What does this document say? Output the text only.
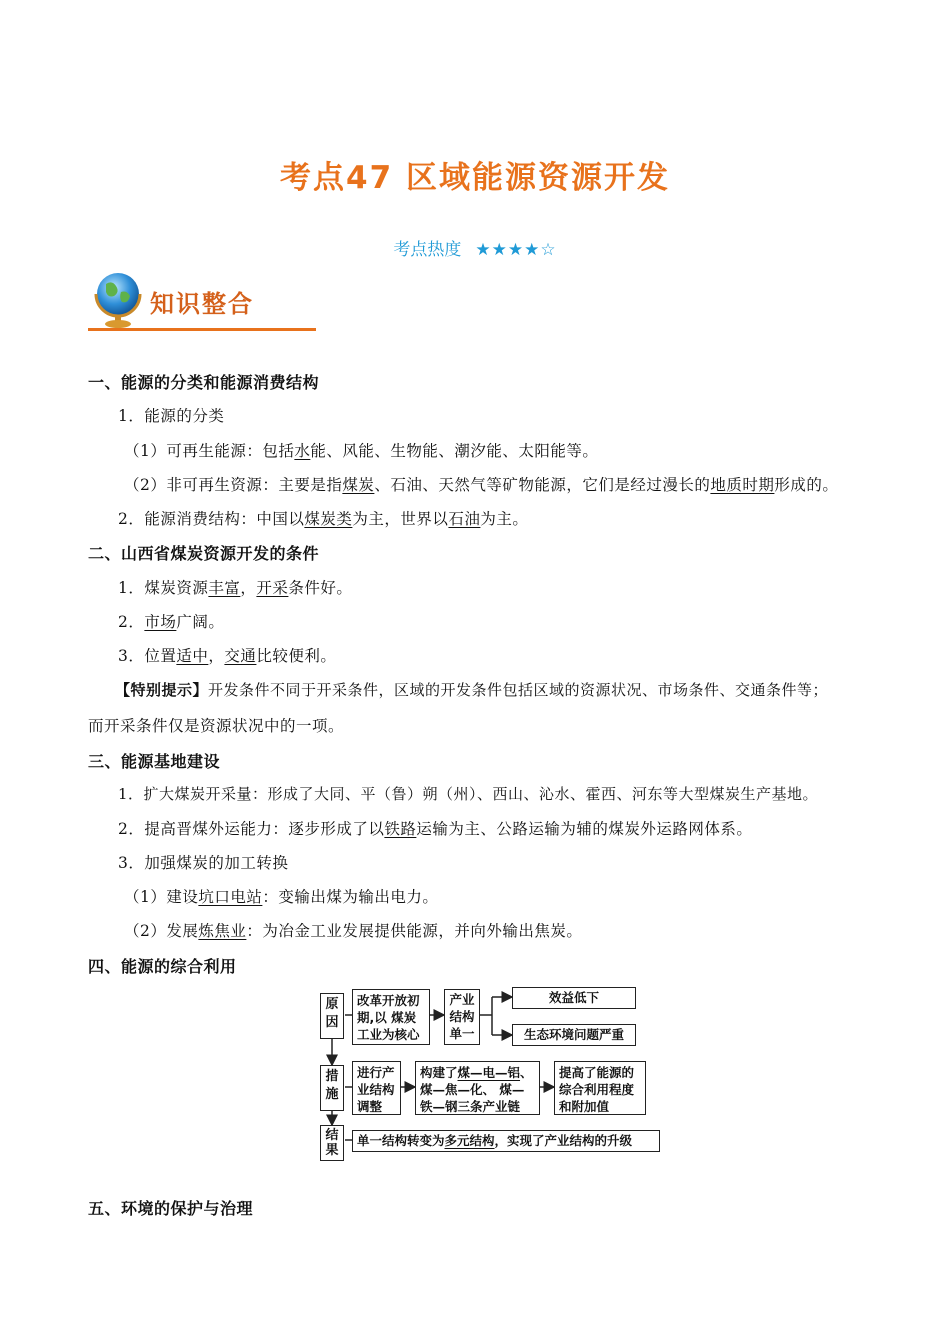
考点47 区域能源资源开发
考点热度 ★★★★☆
知识整合
一、能源的分类和能源消费结构
1．能源的分类
（1）可再生能源：包括水能、风能、生物能、潮汐能、太阳能等。
（2）非可再生资源：主要是指煤炭、石油、天然气等矿物能源，它们是经过漫长的地质时期形成的。
2．能源消费结构：中国以煤炭类为主，世界以石油为主。
二、山西省煤炭资源开发的条件
1．煤炭资源丰富，开采条件好。
2．市场广阔。
3．位置适中，交通比较便利。
【特别提示】开发条件不同于开采条件，区域的开发条件包括区域的资源状况、市场条件、交通条件等；
而开采条件仅是资源状况中的一项。
三、能源基地建设
1．扩大煤炭开采量：形成了大同、平（鲁）朔（州）、西山、沁水、霍西、河东等大型煤炭生产基地。
2．提高晋煤外运能力：逐步形成了以铁路运输为主、公路运输为辅的煤炭外运路网体系。
3．加强煤炭的加工转换
（1）建设坑口电站：变输出煤为输出电力。
（2）发展炼焦业：为冶金工业发展提供能源，并向外输出焦炭。
四、能源的综合利用
原因
措施
结果
改革开放初期,以 煤炭工业为核心
产业结构单一
效益低下
生态环境问题严重
进行产业结构调整
构建了煤—电—铝、煤—焦—化、 煤—铁—钢三条产业链
提高了能源的综合利用程度和附加值
单一结构转变为多元结构，实现了产业结构的升级
五、环境的保护与治理
